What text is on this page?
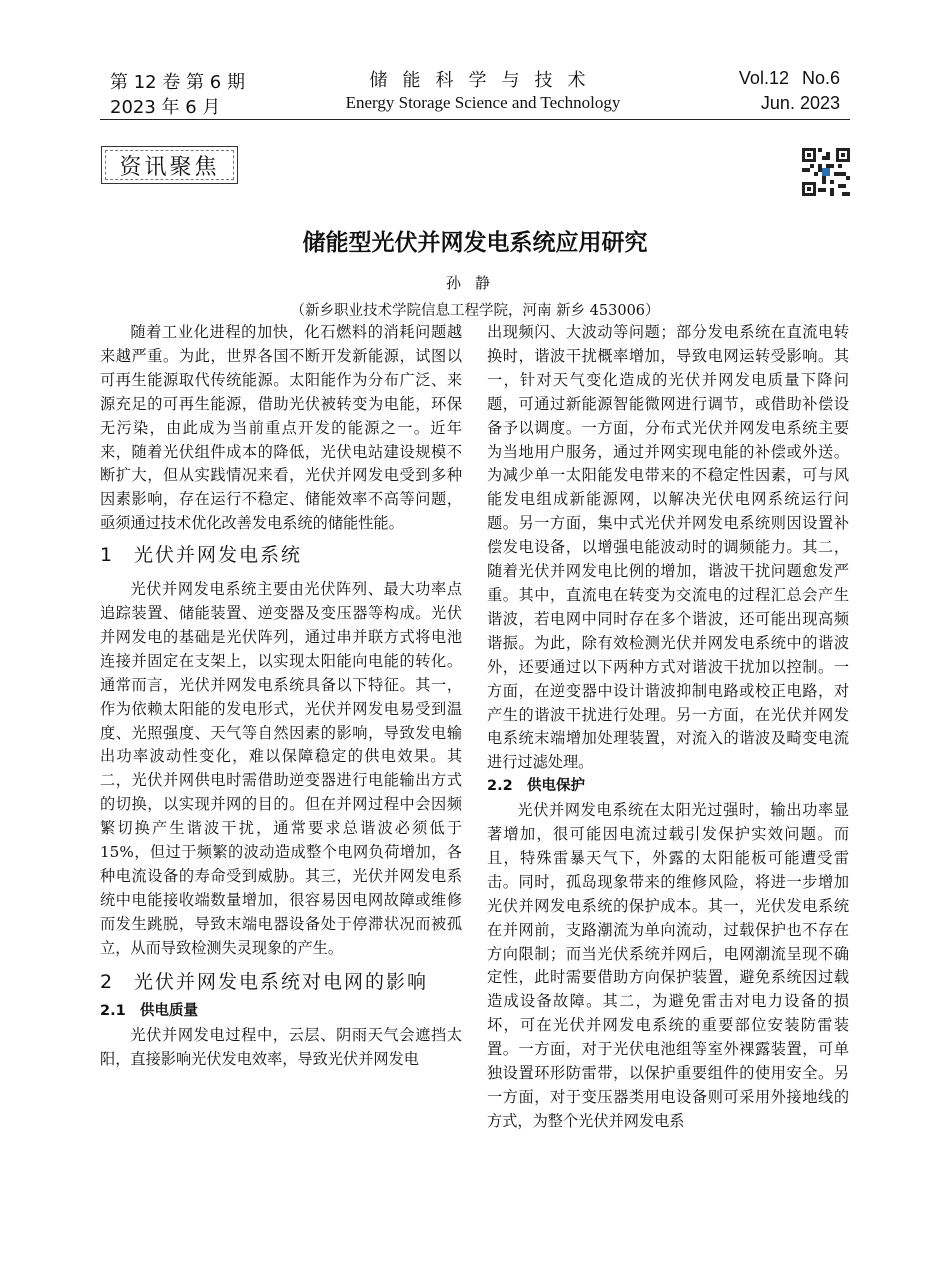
第 12 卷 第 6 期
2023 年 6 月
储能科学与技术
Energy Storage Science and Technology
Vol.12 No.6
Jun. 2023
资讯聚焦
储能型光伏并网发电系统应用研究
孙静
（新乡职业技术学院信息工程学院，河南 新乡 453006）

随着工业化进程的加快，化石燃料的消耗问题越来越严重。为此，世界各国不断开发新能源，试图以可再生能源取代传统能源。太阳能作为分布广泛、来源充足的可再生能源，借助光伏被转变为电能，环保无污染，由此成为当前重点开发的能源之一。近年来，随着光伏组件成本的降低，光伏电站建设规模不断扩大，但从实践情况来看，光伏并网发电受到多种因素影响，存在运行不稳定、储能效率不高等问题，亟须通过技术优化改善发电系统的储能性能。

1 光伏并网发电系统

光伏并网发电系统主要由光伏阵列、最大功率点追踪装置、储能装置、逆变器及变压器等构成。光伏并网发电的基础是光伏阵列，通过串并联方式将电池连接并固定在支架上，以实现太阳能向电能的转化。通常而言，光伏并网发电系统具备以下特征。其一，作为依赖太阳能的发电形式，光伏并网发电易受到温度、光照强度、天气等自然因素的影响，导致发电输出功率波动性变化，难以保障稳定的供电效果。其二，光伏并网供电时需借助逆变器进行电能输出方式的切换，以实现并网的目的。但在并网过程中会因频繁切换产生谐波干扰，通常要求总谐波必须低于15%，但过于频繁的波动造成整个电网负荷增加，各种电流设备的寿命受到威胁。其三，光伏并网发电系统中电能接收端数量增加，很容易因电网故障或维修而发生跳脱，导致末端电器设备处于停滞状况而被孤立，从而导致检测失灵现象的产生。

2 光伏并网发电系统对电网的影响
2.1 供电质量

光伏并网发电过程中，云层、阴雨天气会遮挡太阳，直接影响光伏发电效率，导致光伏并网发电

出现频闪、大波动等问题；部分发电系统在直流电转换时，谐波干扰概率增加，导致电网运转受影响。其一，针对天气变化造成的光伏并网发电质量下降问题，可通过新能源智能微网进行调节，或借助补偿设备予以调度。一方面，分布式光伏并网发电系统主要为当地用户服务，通过并网实现电能的补偿或外送。为减少单一太阳能发电带来的不稳定性因素，可与风能发电组成新能源网，以解决光伏电网系统运行问题。另一方面，集中式光伏并网发电系统则因设置补偿发电设备，以增强电能波动时的调频能力。其二，随着光伏并网发电比例的增加，谐波干扰问题愈发严重。其中，直流电在转变为交流电的过程汇总会产生谐波，若电网中同时存在多个谐波，还可能出现高频谐振。为此，除有效检测光伏并网发电系统中的谐波外，还要通过以下两种方式对谐波干扰加以控制。一方面，在逆变器中设计谐波抑制电路或校正电路，对产生的谐波干扰进行处理。另一方面，在光伏并网发电系统末端增加处理装置，对流入的谐波及畸变电流进行过滤处理。

2.2 供电保护

光伏并网发电系统在太阳光过强时，输出功率显著增加，很可能因电流过载引发保护实效问题。而且，特殊雷暴天气下，外露的太阳能板可能遭受雷击。同时，孤岛现象带来的维修风险，将进一步增加光伏并网发电系统的保护成本。其一，光伏发电系统在并网前，支路潮流为单向流动，过载保护也不存在方向限制；而当光伏系统并网后，电网潮流呈现不确定性，此时需要借助方向保护装置，避免系统因过载造成设备故障。其二，为避免雷击对电力设备的损坏，可在光伏并网发电系统的重要部位安装防雷装置。一方面，对于光伏电池组等室外裸露装置，可单独设置环形防雷带，以保护重要组件的使用安全。另一方面，对于变压器类用电设备则可采用外接地线的方式，为整个光伏并网发电系
